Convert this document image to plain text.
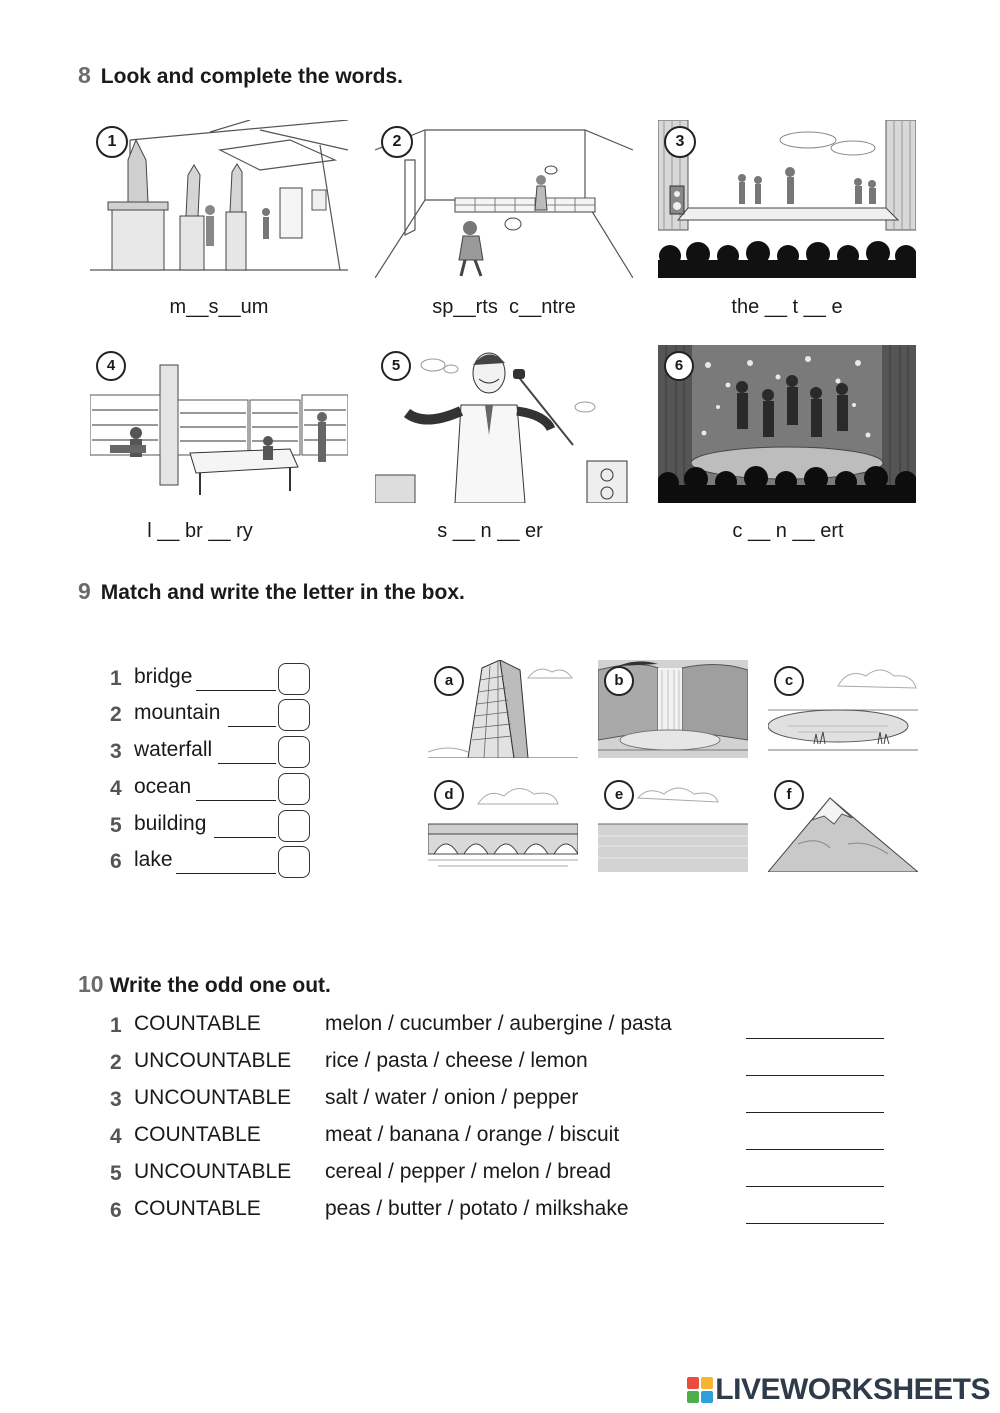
8 Look and complete the words.
1
m__s__um
2
sp__rts  c__ntre
3
the __ t __ e
4
l __ br __ ry
5
s __ n __ er
6
c __ n __ ert
9 Match and write the letter in the box.
1 bridge
2 mountain
3 waterfall
4 ocean
5 building
6 lake
a	b	c
d	e	f
10 Write the odd one out.
1 COUNTABLE	melon / cucumber / aubergine / pasta
2 UNCOUNTABLE rice / pasta / cheese / lemon
3 UNCOUNTABLE salt / water / onion / pepper
4 COUNTABLE	meat / banana / orange / biscuit
5 UNCOUNTABLE cereal / pepper / melon / bread
6 COUNTABLE	peas / butter / potato / milkshake
LIVEWORKSHEETS
